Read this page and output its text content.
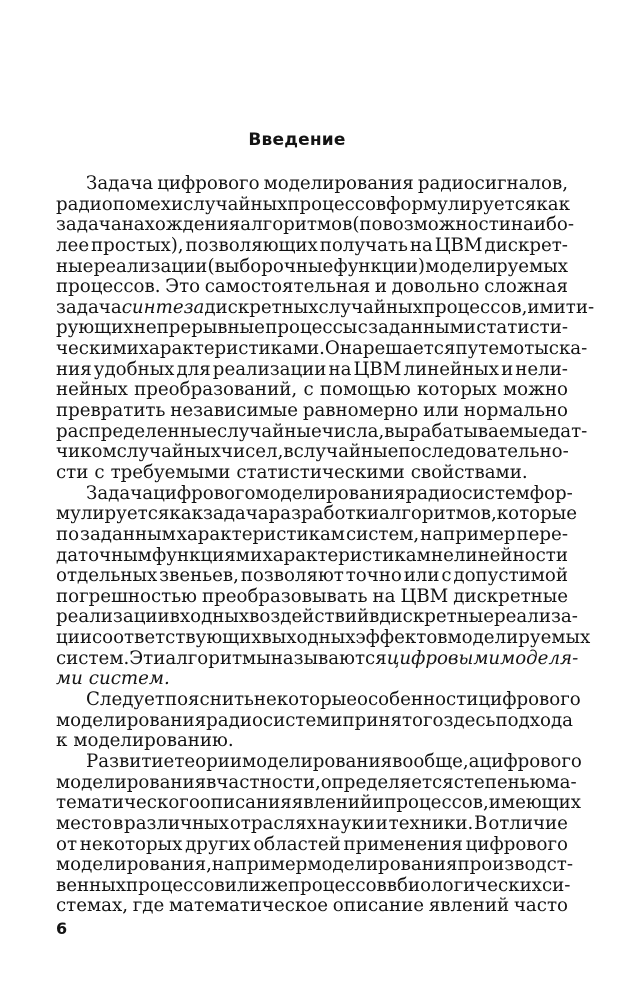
Введение
Задача цифрового моделирования радиосигналов,
радиопомех и случайных процессов формулируется как
задача нахождения алгоритмов (по возможности наибо-
лее простых), позволяющих получать на ЦВМ дискрет-
ные реализации (выборочные функции) моделируемых
процессов. Это самостоятельная и довольно сложная
задача синтеза дискретных случайных процессов, имити-
рующих непрерывные процессы с заданными статисти-
ческими характеристиками. Она решается путем отыска-
ния удобных для реализации на ЦВМ линейных и нели-
нейных преобразований, с помощью которых можно
превратить независимые равномерно или нормально
распределенные случайные числа, вырабатываемые дат-
чиком случайных чисел, в случайные последовательно-
сти с требуемыми статистическими свойствами.
Задача цифрового моделирования радиосистем фор-
мулируется как задача разработки алгоритмов, которые
по заданным характеристикам систем, например пере-
даточным функциям и характеристикам нелинейности
отдельных звеньев, позволяют точно или с допустимой
погрешностью преобразовывать на ЦВМ дискретные
реализации входных воздействий в дискретные реализа-
ции соответствующих выходных эффектов моделируемых
систем. Эти алгоритмы называются цифровыми моделя-
ми систем.
Следует пояснить некоторые особенности цифрового
моделирования радиосистем и принятого здесь подхода
к моделированию.
Развитие теории моделирования вообще, а цифрового
моделирования в частности, определяется степенью ма-
тематического описания явлений и процессов, имеющих
место в различных отраслях науки и техники. В отличие
от некоторых других областей применения цифрового
моделирования, например моделирования производст-
венных процессов или же процессов в биологических си-
стемах, где математическое описание явлений часто
6
